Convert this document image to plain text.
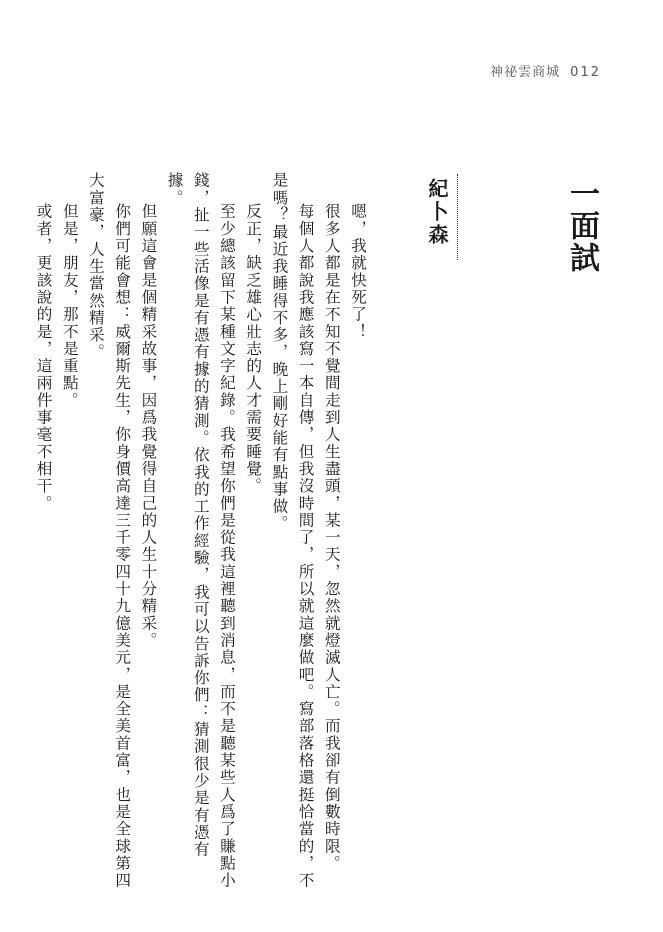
神祕雲商城 012
一面試
紀卜森

嗯，我就快死了！

很多人都是在不知不覺間走到人生盡頭，某一天，忽然就燈滅人亡。而我卻有倒數時限。

每個人都說我應該寫一本自傳，但我沒時間了，所以就這麼做吧。寫部落格還挺恰當的，不是嗎？最近我睡得不多，晚上剛好能有點事做。

反正，缺乏雄心壯志的人才需要睡覺。

至少總該留下某種文字紀錄。我希望你們是從我這裡聽到消息，而不是聽某些人爲了賺點小錢，扯一些活像是有憑有據的猜測。依我的工作經驗，我可以告訴你們：猜測很少是有憑有據。

但願這會是個精采故事，因爲我覺得自己的人生十分精采。

你們可能會想：威爾斯先生，你身價高達三千零四十九億美元，是全美首富，也是全球第四大富豪，人生當然精采。

但是，朋友，那不是重點。

或者，更該說的是，這兩件事毫不相干。
